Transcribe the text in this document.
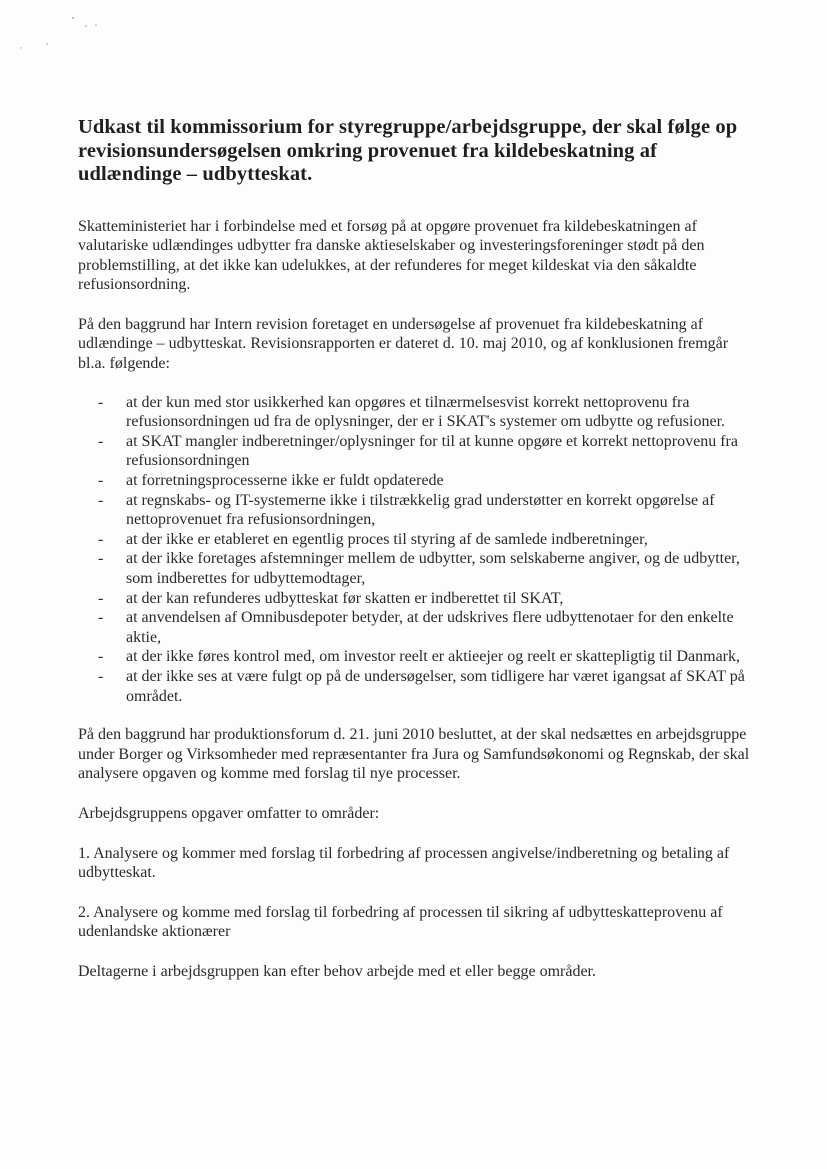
Udkast til kommissorium for styregruppe/arbejdsgruppe, der skal følge op revisionsundersøgelsen omkring provenuet fra kildebeskatning af udlændinge – udbytteskat.

Skatteministeriet har i forbindelse med et forsøg på at opgøre provenuet fra kildebeskatningen af valutariske udlændinges udbytter fra danske aktieselskaber og investeringsforeninger stødt på den problemstilling, at det ikke kan udelukkes, at der refunderes for meget kildeskat via den såkaldte refusionsordning.

På den baggrund har Intern revision foretaget en undersøgelse af provenuet fra kildebeskatning af udlændinge – udbytteskat. Revisionsrapporten er dateret d. 10. maj 2010, og af konklusionen fremgår bl.a. følgende:

- at der kun med stor usikkerhed kan opgøres et tilnærmelsesvist korrekt nettoprovenu fra refusionsordningen ud fra de oplysninger, der er i SKAT's systemer om udbytte og refusioner.
- at SKAT mangler indberetninger/oplysninger for til at kunne opgøre et korrekt nettoprovenu fra refusionsordningen
- at forretningsprocesserne ikke er fuldt opdaterede
- at regnskabs- og IT-systemerne ikke i tilstrækkelig grad understøtter en korrekt opgørelse af nettoprovenuet fra refusionsordningen,
- at der ikke er etableret en egentlig proces til styring af de samlede indberetninger,
- at der ikke foretages afstemninger mellem de udbytter, som selskaberne angiver, og de udbytter, som indberettes for udbyttemodtager,
- at der kan refunderes udbytteskat før skatten er indberettet til SKAT,
- at anvendelsen af Omnibusdepoter betyder, at der udskrives flere udbyttenotaer for den enkelte aktie,
- at der ikke føres kontrol med, om investor reelt er aktieejer og reelt er skattepligtig til Danmark,
- at der ikke ses at være fulgt op på de undersøgelser, som tidligere har været igangsat af SKAT på området.

På den baggrund har produktionsforum d. 21. juni 2010 besluttet, at der skal nedsættes en arbejdsgruppe under Borger og Virksomheder med repræsentanter fra Jura og Samfundsøkonomi og Regnskab, der skal analysere opgaven og komme med forslag til nye processer.

Arbejdsgruppens opgaver omfatter to områder:

1. Analysere og kommer med forslag til forbedring af processen angivelse/indberetning og betaling af udbytteskat.

2. Analysere og komme med forslag til forbedring af processen til sikring af udbytteskatteprovenu af udenlandske aktionærer

Deltagerne i arbejdsgruppen kan efter behov arbejde med et eller begge områder.
